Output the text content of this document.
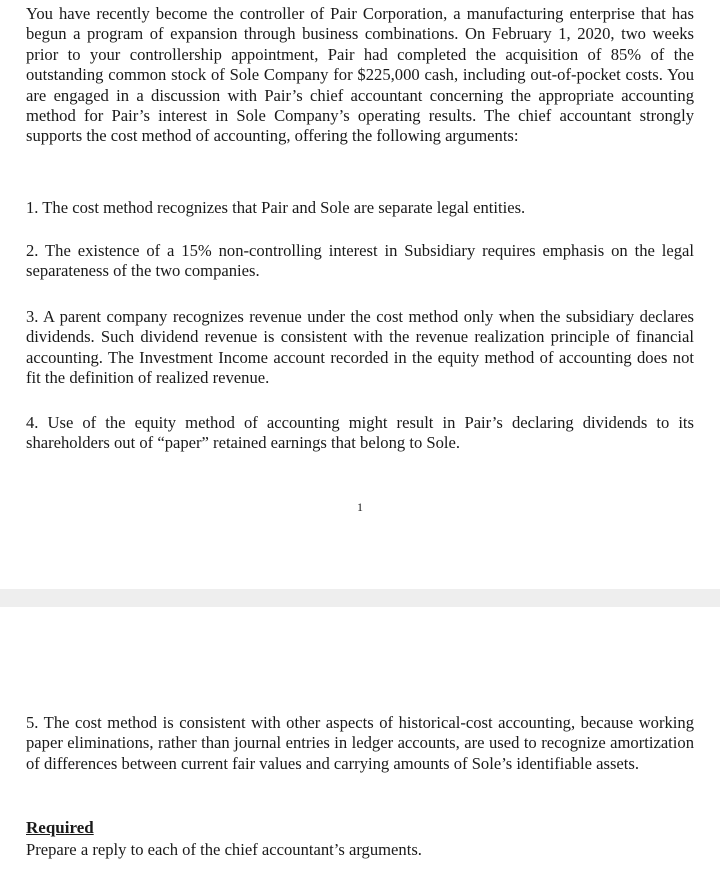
You have recently become the controller of Pair Corporation, a manufacturing enterprise that has begun a program of expansion through business combinations. On February 1, 2020, two weeks prior to your controllership appointment, Pair had completed the acquisition of 85% of the outstanding common stock of Sole Company for $225,000 cash, including out-of-pocket costs. You are engaged in a discussion with Pair’s chief accountant concerning the appropriate accounting method for Pair’s interest in Sole Company’s operating results. The chief accountant strongly supports the cost method of accounting, offering the following arguments:

1. The cost method recognizes that Pair and Sole are separate legal entities.

2. The existence of a 15% non-controlling interest in Subsidiary requires emphasis on the legal separateness of the two companies.

3. A parent company recognizes revenue under the cost method only when the subsidiary declares dividends. Such dividend revenue is consistent with the revenue realization principle of financial accounting. The Investment Income account recorded in the equity method of accounting does not fit the definition of realized revenue.

4. Use of the equity method of accounting might result in Pair’s declaring dividends to its shareholders out of “paper” retained earnings that belong to Sole.

1

5. The cost method is consistent with other aspects of historical-cost accounting, because working paper eliminations, rather than journal entries in ledger accounts, are used to recognize amortization of differences between current fair values and carrying amounts of Sole’s identifiable assets.

Required

Prepare a reply to each of the chief accountant’s arguments.
